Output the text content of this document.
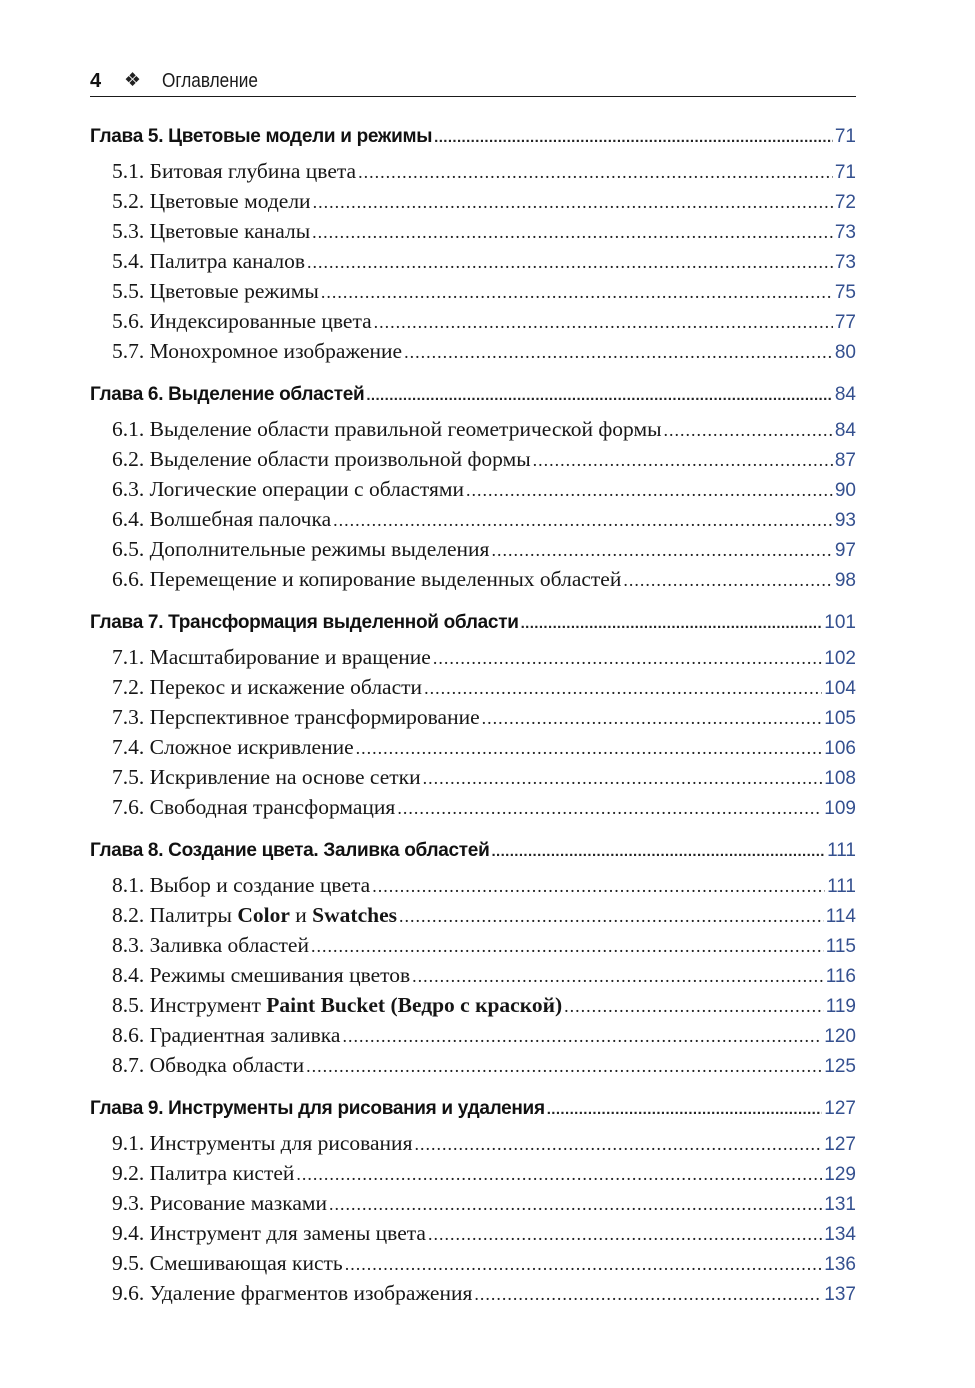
4 ❖ Оглавление
Глава 5. Цветовые модели и режимы .....	71
5.1. Битовая глубина цвета .....	71
5.2. Цветовые модели .....	72
5.3. Цветовые каналы .....	73
5.4. Палитра каналов .....	73
5.5. Цветовые режимы .....	75
5.6. Индексированные цвета .....	77
5.7. Монохромное изображение .....	80
Глава 6. Выделение областей .....	84
6.1. Выделение области правильной геометрической формы .....	84
6.2. Выделение области произвольной формы .....	87
6.3. Логические операции с областями .....	90
6.4. Волшебная палочка .....	93
6.5. Дополнительные режимы выделения .....	97
6.6. Перемещение и копирование выделенных областей .....	98
Глава 7. Трансформация выделенной области .....	101
7.1. Масштабирование и вращение .....	102
7.2. Перекос и искажение области .....	104
7.3. Перспективное трансформирование .....	105
7.4. Сложное искривление .....	106
7.5. Искривление на основе сетки .....	108
7.6. Свободная трансформация .....	109
Глава 8. Создание цвета. Заливка областей .....	111
8.1. Выбор и создание цвета .....	111
8.2. Палитры Color и Swatches .....	114
8.3. Заливка областей .....	115
8.4. Режимы смешивания цветов .....	116
8.5. Инструмент Paint Bucket (Ведро с краской) .....	119
8.6. Градиентная заливка .....	120
8.7. Обводка области .....	125
Глава 9. Инструменты для рисования и удаления .....	127
9.1. Инструменты для рисования .....	127
9.2. Палитра кистей .....	129
9.3. Рисование мазками .....	131
9.4. Инструмент для замены цвета .....	134
9.5. Смешивающая кисть .....	136
9.6. Удаление фрагментов изображения .....	137
